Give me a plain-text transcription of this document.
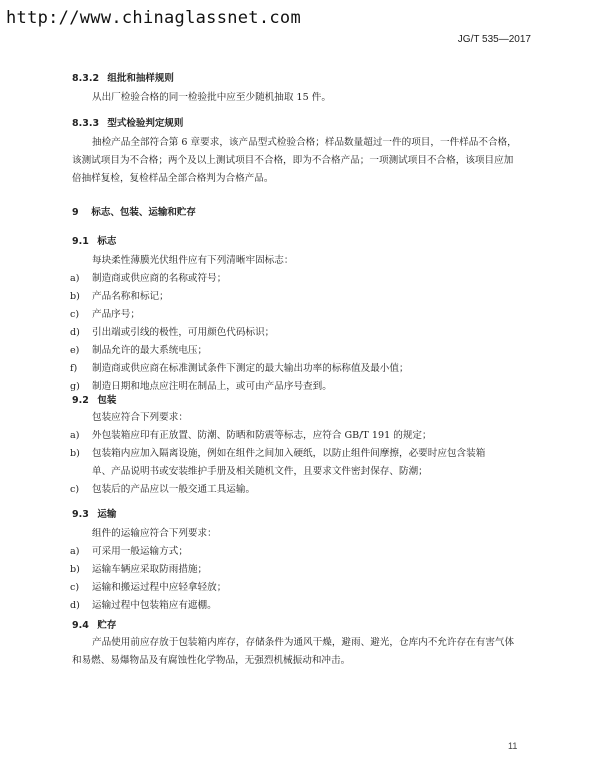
http://www.chinaglassnet.com
JG/T 535—2017
8.3.2 组批和抽样规则
从出厂检验合格的同一检验批中应至少随机抽取 15 件。
8.3.3 型式检验判定规则
抽检产品全部符合第 6 章要求，该产品型式检验合格；样品数量超过一件的项目，一件样品不合格，
该测试项目为不合格；两个及以上测试项目不合格，即为不合格产品；一项测试项目不合格，该项目应加
倍抽样复检，复检样品全部合格判为合格产品。
9 标志、包装、运输和贮存
9.1 标志
每块柔性薄膜光伏组件应有下列清晰牢固标志：
a) 制造商或供应商的名称或符号；
b) 产品名称和标记；
c) 产品序号；
d) 引出端或引线的极性，可用颜色代码标识；
e) 制品允许的最大系统电压；
f) 制造商或供应商在标准测试条件下测定的最大输出功率的标称值及最小值；
g) 制造日期和地点应注明在制品上，或可由产品序号查到。
9.2 包装
包装应符合下列要求：
a) 外包装箱应印有正放置、防潮、防晒和防震等标志，应符合 GB/T 191 的规定；
b) 包装箱内应加入隔离设施，例如在组件之间加入硬纸，以防止组件间摩擦，必要时应包含装箱
单、产品说明书或安装维护手册及相关随机文件，且要求文件密封保存、防潮；
c) 包装后的产品应以一般交通工具运输。
9.3 运输
组件的运输应符合下列要求：
a) 可采用一般运输方式；
b) 运输车辆应采取防雨措施；
c) 运输和搬运过程中应轻拿轻放；
d) 运输过程中包装箱应有遮棚。
9.4 贮存
产品使用前应存放于包装箱内库存，存储条件为通风干燥，避雨、避光，仓库内不允许存在有害气体
和易燃、易爆物品及有腐蚀性化学物品，无强烈机械振动和冲击。
11
